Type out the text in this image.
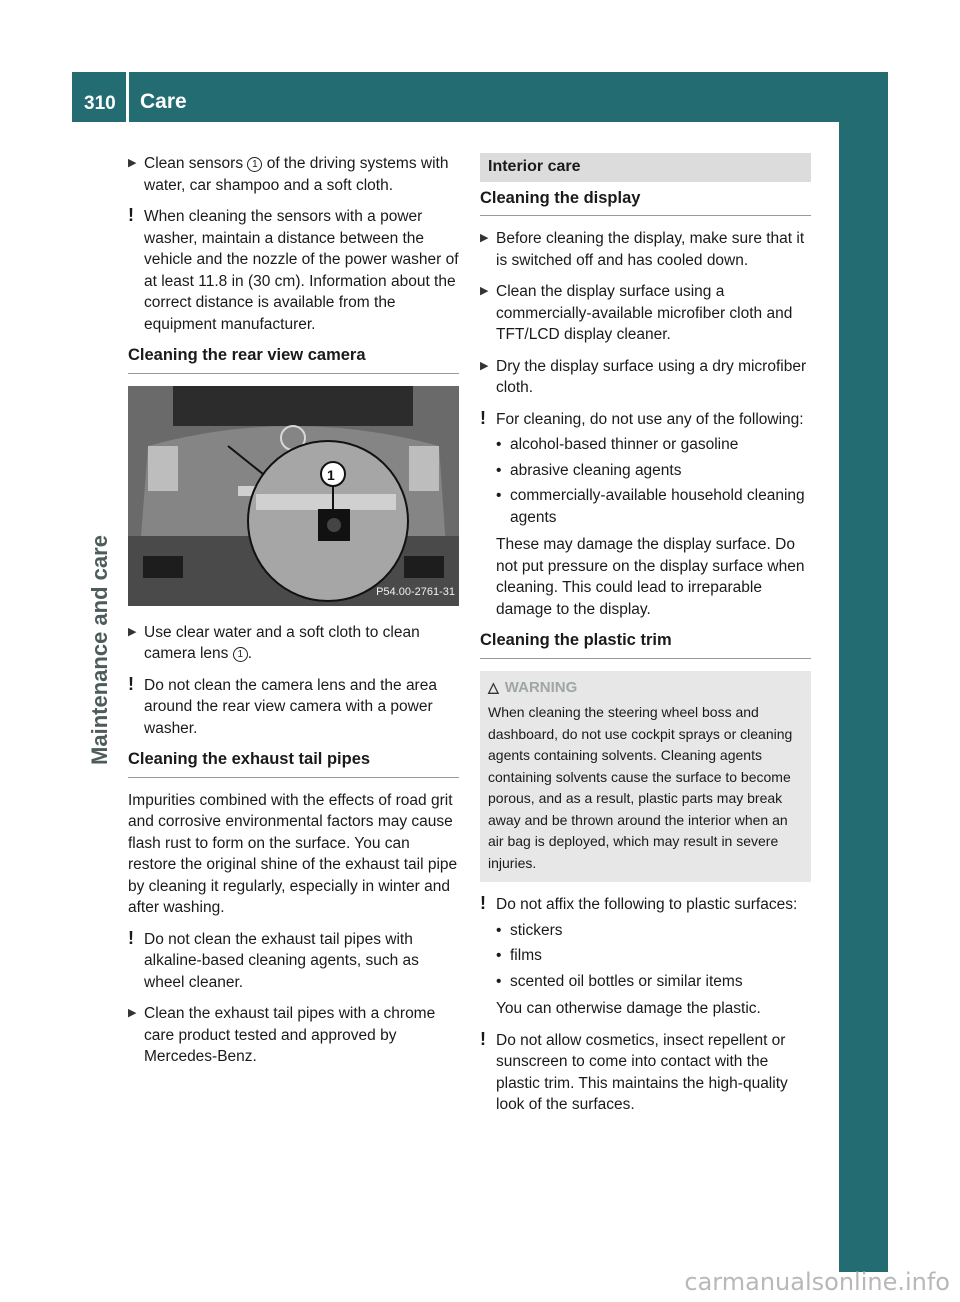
310 Care
Maintenance and care
▶ Clean sensors 1 of the driving systems with water, car shampoo and a soft cloth.
! When cleaning the sensors with a power washer, maintain a distance between the vehicle and the nozzle of the power washer of at least 11.8 in (30 cm). Information about the correct distance is available from the equipment manufacturer.
Cleaning the rear view camera
1
P54.00-2761-31
▶ Use clear water and a soft cloth to clean camera lens 1 .
! Do not clean the camera lens and the area around the rear view camera with a power washer.
Cleaning the exhaust tail pipes
Impurities combined with the effects of road grit and corrosive environmental factors may cause flash rust to form on the surface. You can restore the original shine of the exhaust tail pipe by cleaning it regularly, especially in winter and after washing.
! Do not clean the exhaust tail pipes with alkaline-based cleaning agents, such as wheel cleaner.
▶ Clean the exhaust tail pipes with a chrome care product tested and approved by Mercedes-Benz.
Interior care
Cleaning the display
▶ Before cleaning the display, make sure that it is switched off and has cooled down.
▶ Clean the display surface using a commercially-available microfiber cloth and TFT/LCD display cleaner.
▶ Dry the display surface using a dry microfiber cloth.
! For cleaning, do not use any of the following:
• alcohol-based thinner or gasoline
• abrasive cleaning agents
• commercially-available household cleaning agents
These may damage the display surface. Do not put pressure on the display surface when cleaning. This could lead to irreparable damage to the display.
Cleaning the plastic trim
△ WARNING
When cleaning the steering wheel boss and dashboard, do not use cockpit sprays or cleaning agents containing solvents. Cleaning agents containing solvents cause the surface to become porous, and as a result, plastic parts may break away and be thrown around the interior when an air bag is deployed, which may result in severe injuries.
! Do not affix the following to plastic surfaces:
• stickers
• films
• scented oil bottles or similar items
You can otherwise damage the plastic.
! Do not allow cosmetics, insect repellent or sunscreen to come into contact with the plastic trim. This maintains the high-quality look of the surfaces.
carmanualsonline.info
